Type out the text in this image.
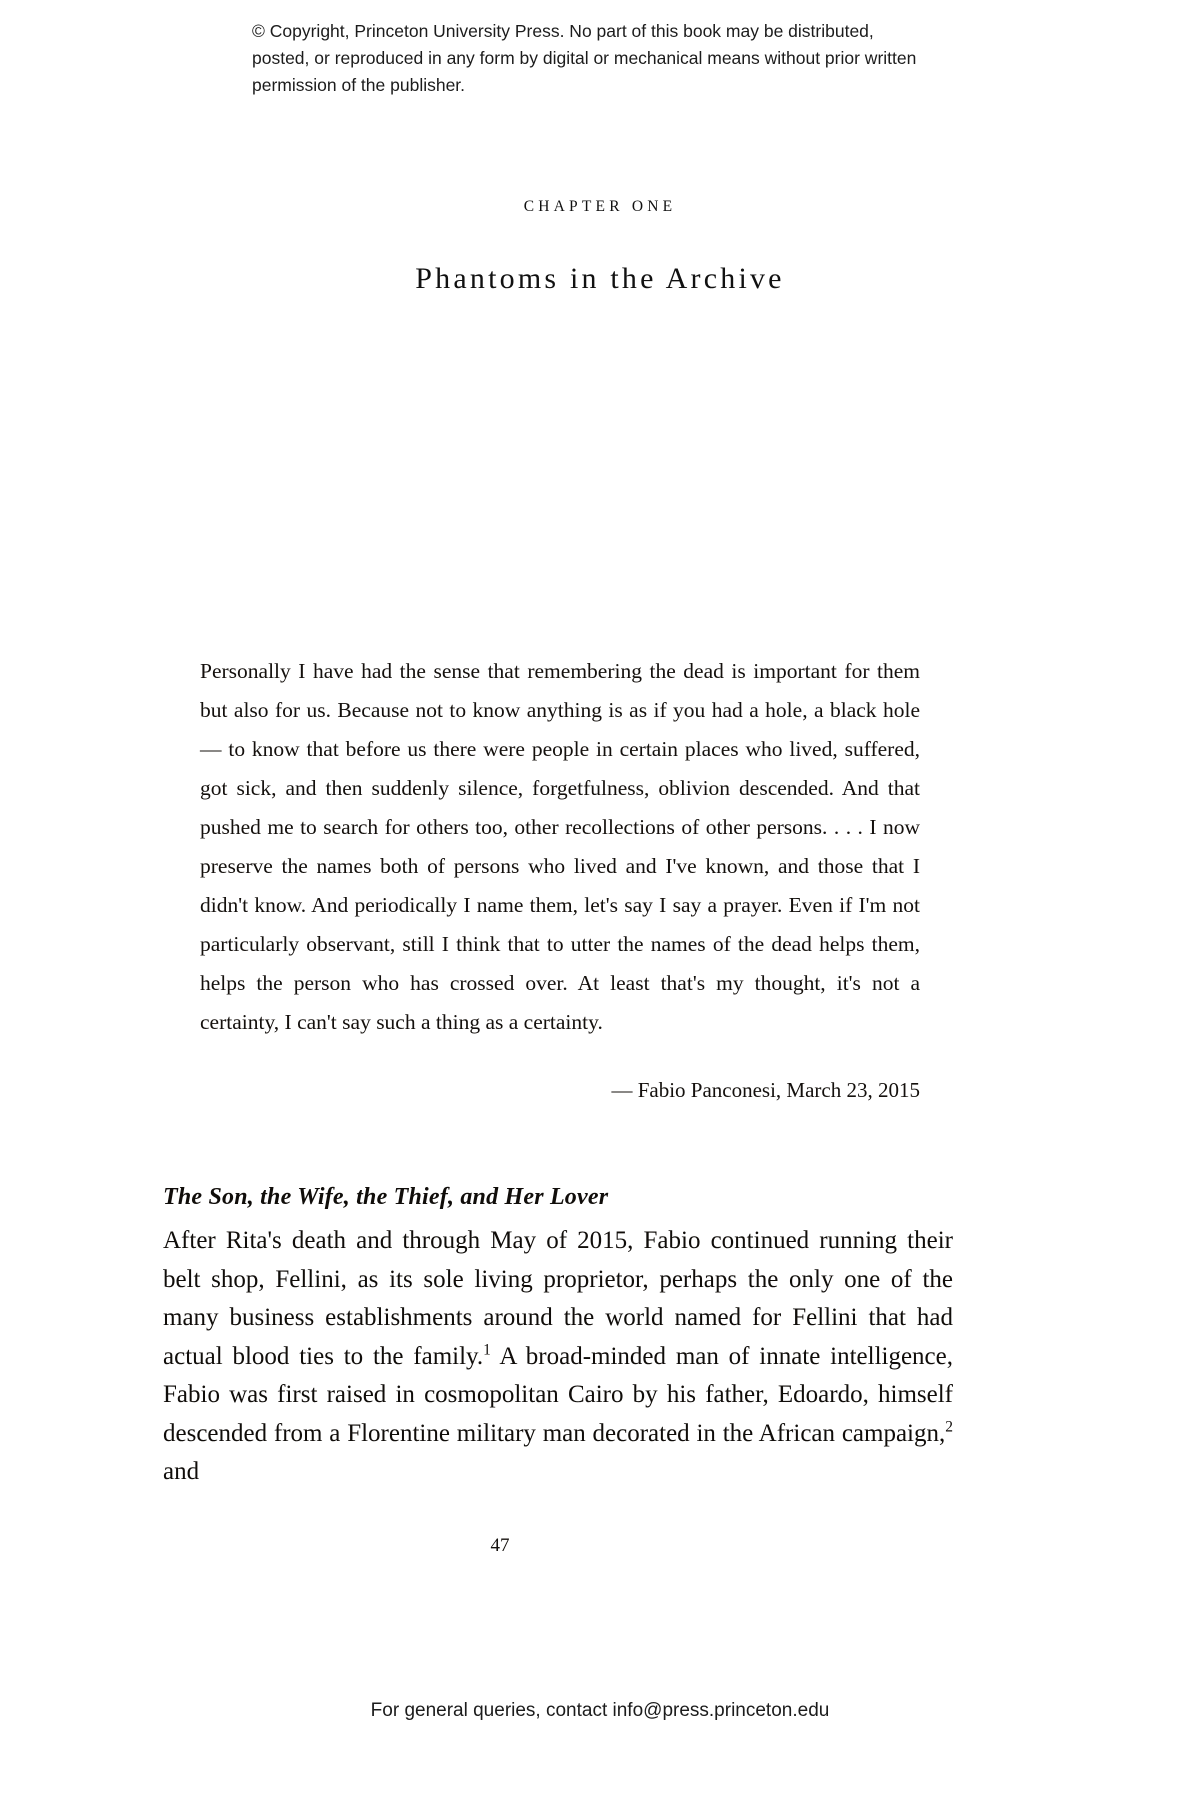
© Copyright, Princeton University Press. No part of this book may be distributed, posted, or reproduced in any form by digital or mechanical means without prior written permission of the publisher.
CHAPTER ONE
Phantoms in the Archive
Personally I have had the sense that remembering the dead is important for them but also for us. Because not to know anything is as if you had a hole, a black hole — to know that before us there were people in certain places who lived, suffered, got sick, and then suddenly silence, forgetfulness, oblivion descended. And that pushed me to search for others too, other recollections of other persons. . . . I now preserve the names both of persons who lived and I've known, and those that I didn't know. And periodically I name them, let's say I say a prayer. Even if I'm not particularly observant, still I think that to utter the names of the dead helps them, helps the person who has crossed over. At least that's my thought, it's not a certainty, I can't say such a thing as a certainty.
— Fabio Panconesi, March 23, 2015
The Son, the Wife, the Thief, and Her Lover
After Rita's death and through May of 2015, Fabio continued running their belt shop, Fellini, as its sole living proprietor, perhaps the only one of the many business establishments around the world named for Fellini that had actual blood ties to the family.$^1$ A broad-minded man of innate intelligence, Fabio was first raised in cosmopolitan Cairo by his father, Edoardo, himself descended from a Florentine military man decorated in the African campaign,$^2$ and
47
For general queries, contact info@press.princeton.edu
